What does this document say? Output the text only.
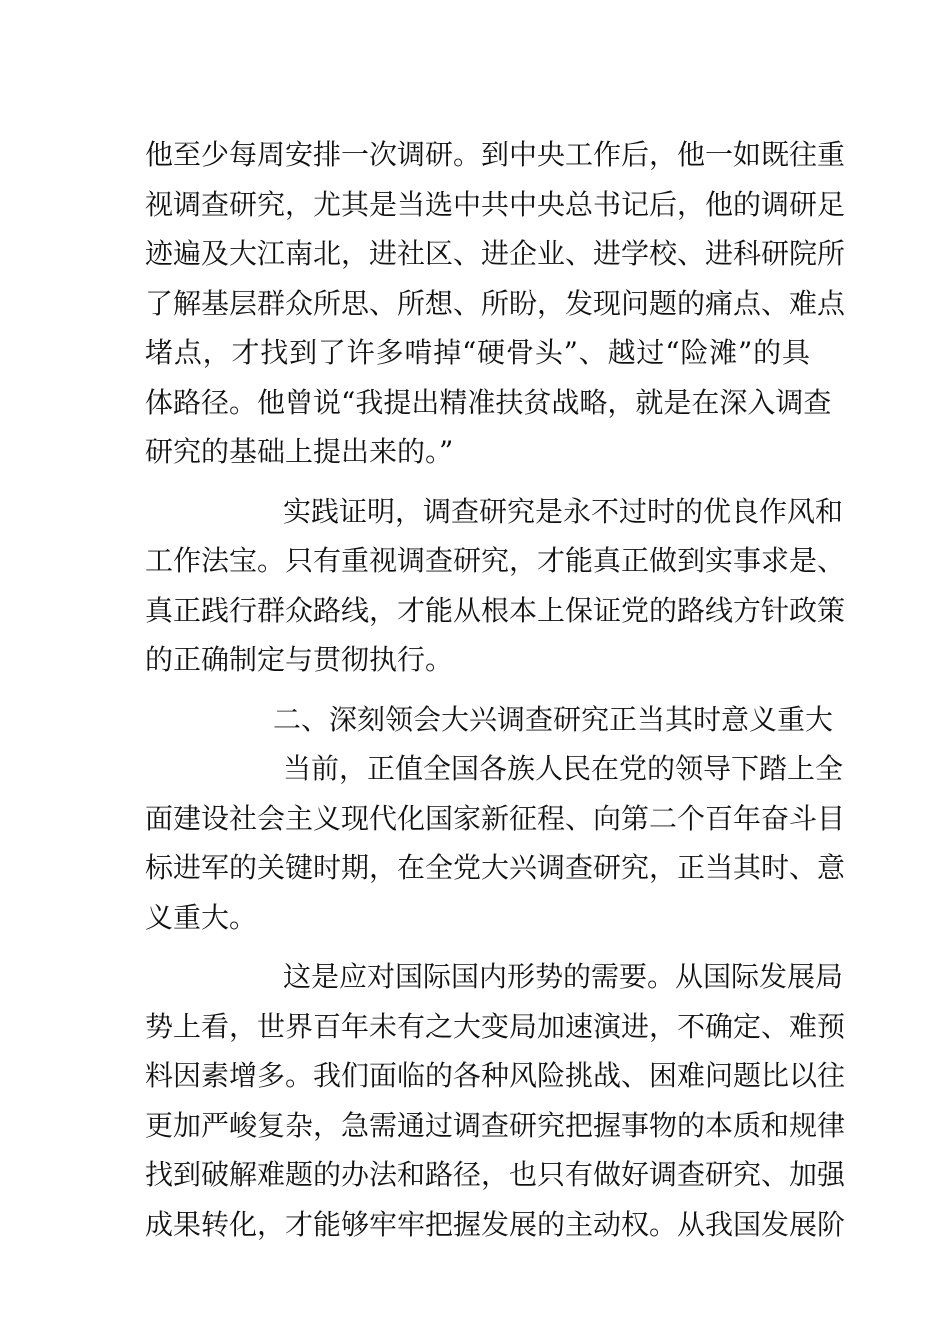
他至少每周安排一次调研。到中央工作后，他一如既往重
视调查研究，尤其是当选中共中央总书记后，他的调研足
迹遍及大江南北，进社区、进企业、进学校、进科研院所
了解基层群众所思、所想、所盼，发现问题的痛点、难点
堵点，才找到了许多啃掉“硬骨头”、越过“险滩”的具
体路径。他曾说“我提出精准扶贫战略，就是在深入调查
研究的基础上提出来的。”
实践证明，调查研究是永不过时的优良作风和
工作法宝。只有重视调查研究，才能真正做到实事求是、
真正践行群众路线，才能从根本上保证党的路线方针政策
的正确制定与贯彻执行。
二、深刻领会大兴调查研究正当其时意义重大
当前，正值全国各族人民在党的领导下踏上全
面建设社会主义现代化国家新征程、向第二个百年奋斗目
标进军的关键时期，在全党大兴调查研究，正当其时、意
义重大。
这是应对国际国内形势的需要。从国际发展局
势上看，世界百年未有之大变局加速演进，不确定、难预
料因素增多。我们面临的各种风险挑战、困难问题比以往
更加严峻复杂，急需通过调查研究把握事物的本质和规律
找到破解难题的办法和路径，也只有做好调查研究、加强
成果转化，才能够牢牢把握发展的主动权。从我国发展阶
